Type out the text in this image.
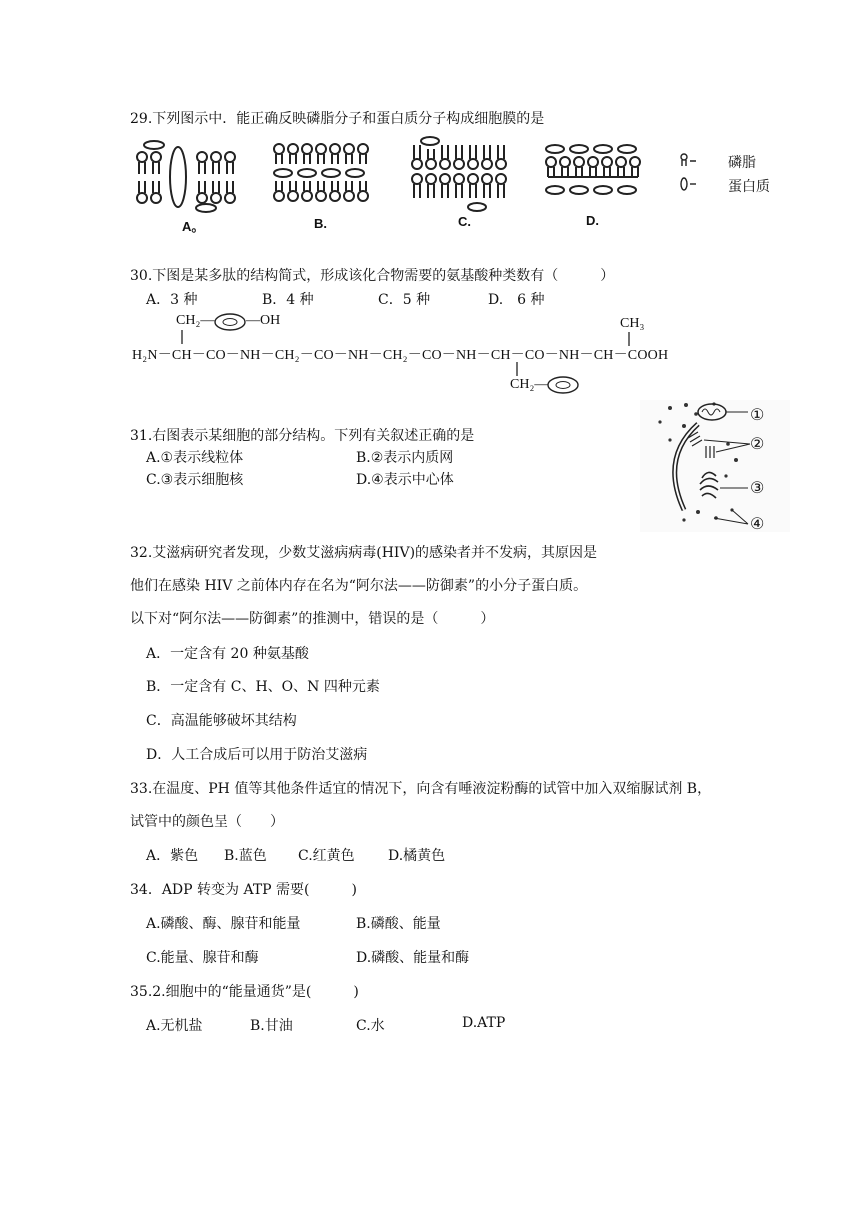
29.下列图示中．能正确反映磷脂分子和蛋白质分子构成细胞膜的是
A。	B.	C.	D.
磷脂
蛋白质
30.下图是某多肽的结构简式，形成该化合物需要的氨基酸种类数有（　　　）
A．3 种	B．4 种	C．5 种	D.　6 种
H₂N－CH－CO－NH－CH₂－CO－NH－CH₂－CO－NH－CH－CO－NH－CH－COOH
CH₂— —OH	CH₃
CH₂—
31.右图表示某细胞的部分结构。下列有关叙述正确的是
A.①表示线粒体	B.②表示内质网
C.③表示细胞核	D.④表示中心体
①
②
③
④
32.艾滋病研究者发现，少数艾滋病病毒(HIV)的感染者并不发病，其原因是
他们在感染 HIV 之前体内存在名为“阿尔法——防御素”的小分子蛋白质。
以下对“阿尔法——防御素”的推测中，错误的是（　　　）
A．一定含有 20 种氨基酸
B．一定含有 C、H、O、N 四种元素
C．高温能够破坏其结构
D．人工合成后可以用于防治艾滋病
33.在温度、PH 值等其他条件适宜的情况下，向含有唾液淀粉酶的试管中加入双缩脲试剂 B，
试管中的颜色呈（　　）
A．紫色 B.蓝色 C.红黄色 D.橘黄色
34．ADP 转变为 ATP 需要(　　　)
A.磷酸、酶、腺苷和能量	B.磷酸、能量
C.能量、腺苷和酶	D.磷酸、能量和酶
35.2.细胞中的“能量通货”是(　　　)
A.无机盐	B.甘油	C.水	D.ATP
